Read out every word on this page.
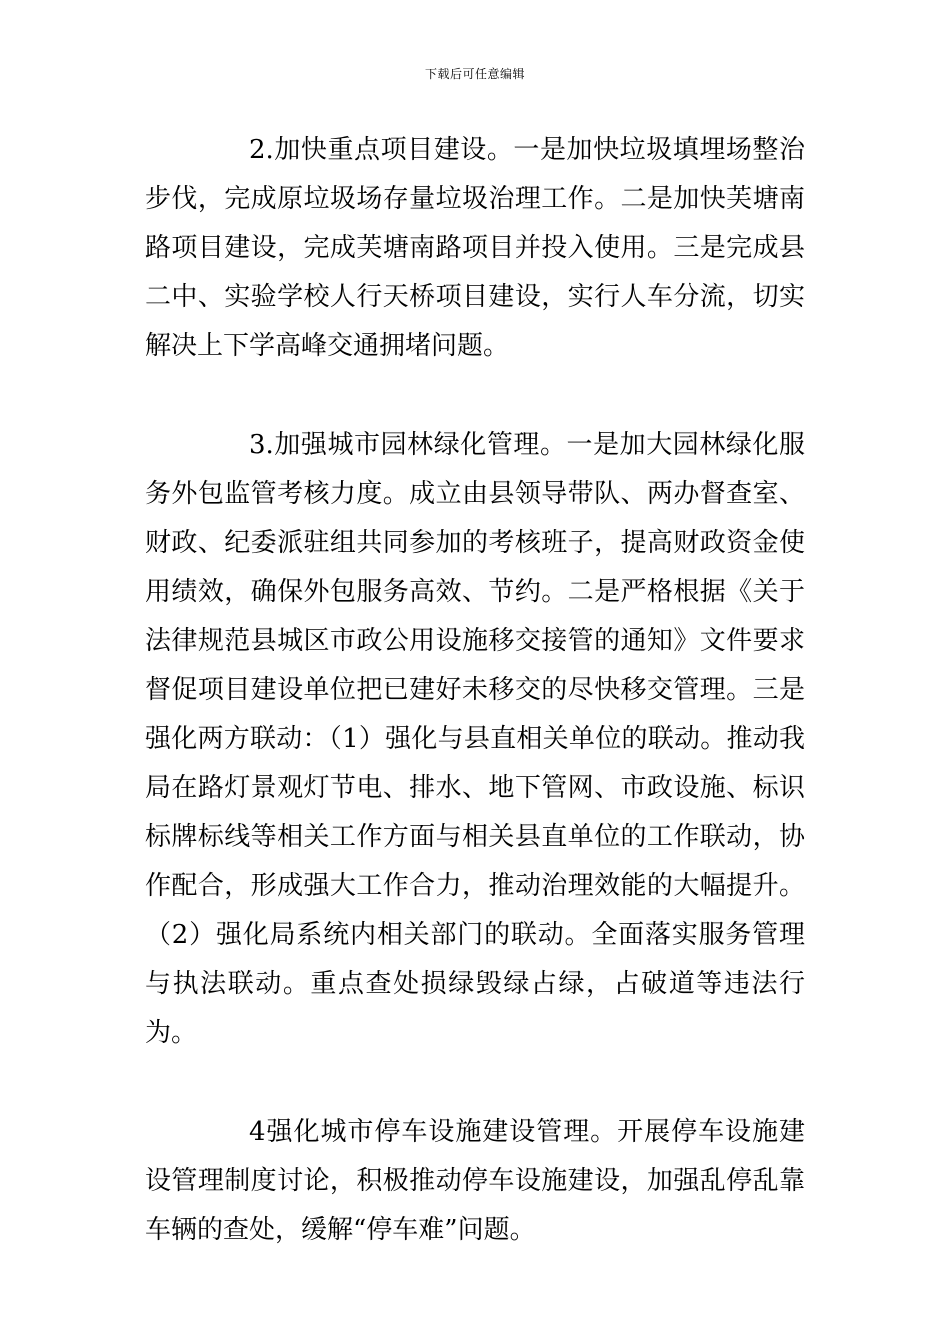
下载后可任意编辑

2.加快重点项目建设。一是加快垃圾填埋场整治步伐，完成原垃圾场存量垃圾治理工作。二是加快芙塘南路项目建设，完成芙塘南路项目并投入使用。三是完成县二中、实验学校人行天桥项目建设，实行人车分流，切实解决上下学高峰交通拥堵问题。

3.加强城市园林绿化管理。一是加大园林绿化服务外包监管考核力度。成立由县领导带队、两办督查室、财政、纪委派驻组共同参加的考核班子，提高财政资金使用绩效，确保外包服务高效、节约。二是严格根据《关于法律规范县城区市政公用设施移交接管的通知》文件要求督促项目建设单位把已建好未移交的尽快移交管理。三是强化两方联动：（1）强化与县直相关单位的联动。推动我局在路灯景观灯节电、排水、地下管网、市政设施、标识标牌标线等相关工作方面与相关县直单位的工作联动，协作配合，形成强大工作合力，推动治理效能的大幅提升。（2）强化局系统内相关部门的联动。全面落实服务管理与执法联动。重点查处损绿毁绿占绿，占破道等违法行为。

4强化城市停车设施建设管理。开展停车设施建设管理制度讨论，积极推动停车设施建设，加强乱停乱靠车辆的查处，缓解“停车难”问题。
